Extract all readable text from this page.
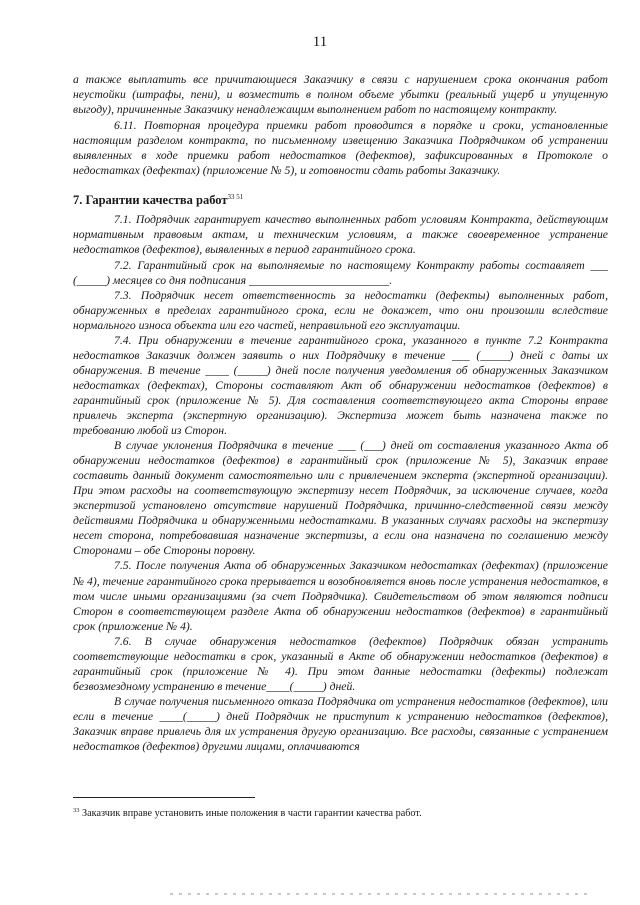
11

а также выплатить все причитающиеся Заказчику в связи с нарушением срока окончания работ неустойки (штрафы, пени), и возместить в полном объеме убытки (реальный ущерб и упущенную выгоду), причиненные Заказчику ненадлежащим выполнением работ по настоящему контракту.

6.11. Повторная процедура приемки работ проводится в порядке и сроки, установленные настоящим разделом контракта, по письменному извещению Заказчика Подрядчиком об устранении выявленных в ходе приемки работ недостатков (дефектов), зафиксированных в Протоколе о недостатках (дефектах) (приложение № 5), и готовности сдать работы Заказчику.

7. Гарантии качества работ$^{33 51}$

7.1. Подрядчик гарантирует качество выполненных работ условиям Контракта, действующим нормативным правовым актам, и техническим условиям, а также своевременное устранение недостатков (дефектов), выявленных в период гарантийного срока.

7.2. Гарантийный срок на выполняемые по настоящему Контракту работы составляет ___ (_____) месяцев со дня подписания ________________________.

7.3. Подрядчик несет ответственность за недостатки (дефекты) выполненных работ, обнаруженных в пределах гарантийного срока, если не докажет, что они произошли вследствие нормального износа объекта или его частей, неправильной его эксплуатации.

7.4. При обнаружении в течение гарантийного срока, указанного в пункте 7.2 Контракта недостатков Заказчик должен заявить о них Подрядчику в течение ___ (_____) дней с даты их обнаружения. В течение ____ (_____) дней после получения уведомления об обнаруженных Заказчиком недостатках (дефектах), Стороны составляют Акт об обнаружении недостатков (дефектов) в гарантийный срок (приложение № 5). Для составления соответствующего акта Стороны вправе привлечь эксперта (экспертную организацию). Экспертиза может быть назначена также по требованию любой из Сторон.

В случае уклонения Подрядчика в течение ___ (___) дней от составления указанного Акта об обнаружении недостатков (дефектов) в гарантийный срок (приложение № 5), Заказчик вправе составить данный документ самостоятельно или с привлечением эксперта (экспертной организации). При этом расходы на соответствующую экспертизу несет Подрядчик, за исключение случаев, когда экспертизой установлено отсутствие нарушений Подрядчика, причинно-следственной связи между действиями Подрядчика и обнаруженными недостатками. В указанных случаях расходы на экспертизу несет сторона, потребовавшая назначение экспертизы, а если она назначена по соглашению между Сторонами – обе Стороны поровну.

7.5. После получения Акта об обнаруженных Заказчиком недостатках (дефектах) (приложение № 4), течение гарантийного срока прерывается и возобновляется вновь после устранения недостатков, в том числе иными организациями (за счет Подрядчика). Свидетельством об этом являются подписи Сторон в соответствующем разделе Акта об обнаружении недостатков (дефектов) в гарантийный срок (приложение № 4).

7.6. В случае обнаружения недостатков (дефектов) Подрядчик обязан устранить соответствующие недостатки в срок, указанный в Акте об обнаружении недостатков (дефектов) в гарантийный срок (приложение № 4). При этом данные недостатки (дефекты) подлежат безвозмездному устранению в течение____(_____) дней.

В случае получения письменного отказа Подрядчика от устранения недостатков (дефектов), или если в течение ____(_____) дней Подрядчик не приступит к устранению недостатков (дефектов), Заказчик вправе привлечь для их устранения другую организацию. Все расходы, связанные с устранением недостатков (дефектов) другими лицами, оплачиваются

$^{33}$ Заказчик вправе установить иные положения в части гарантии качества работ.
